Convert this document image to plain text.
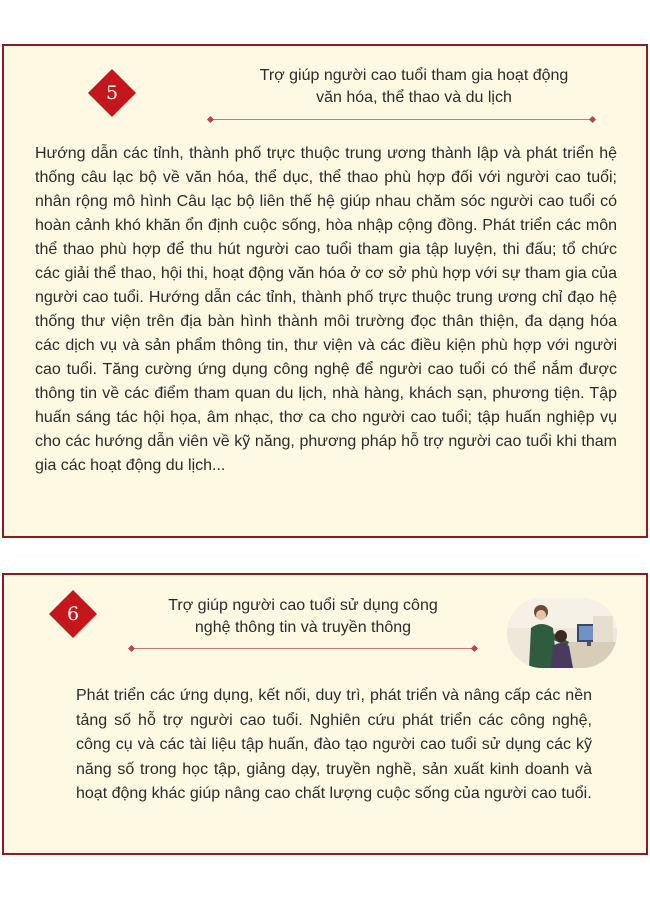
5
Trợ giúp người cao tuổi tham gia hoạt động
văn hóa, thể thao và du lịch
Hướng dẫn các tỉnh, thành phố trực thuộc trung ương thành lập và phát triển hệ thống câu lạc bộ về văn hóa, thể dục, thể thao phù hợp đối với người cao tuổi; nhân rộng mô hình Câu lạc bộ liên thế hệ giúp nhau chăm sóc người cao tuổi có hoàn cảnh khó khăn ổn định cuộc sống, hòa nhập cộng đồng. Phát triển các môn thể thao phù hợp để thu hút người cao tuổi tham gia tập luyện, thi đấu; tổ chức các giải thể thao, hội thi, hoạt động văn hóa ở cơ sở phù hợp với sự tham gia của người cao tuổi. Hướng dẫn các tỉnh, thành phố trực thuộc trung ương chỉ đạo hệ thống thư viện trên địa bàn hình thành môi trường đọc thân thiện, đa dạng hóa các dịch vụ và sản phẩm thông tin, thư viện và các điều kiện phù hợp với người cao tuổi. Tăng cường ứng dụng công nghệ để người cao tuổi có thể nắm được thông tin về các điểm tham quan du lịch, nhà hàng, khách sạn, phương tiện. Tập huấn sáng tác hội họa, âm nhạc, thơ ca cho người cao tuổi; tập huấn nghiệp vụ cho các hướng dẫn viên về kỹ năng, phương pháp hỗ trợ người cao tuổi khi tham gia các hoạt động du lịch...
6	Trợ giúp người cao tuổi sử dụng công
nghệ thông tin và truyền thông
Phát triển các ứng dụng, kết nối, duy trì, phát triển và nâng cấp các nền tảng số hỗ trợ người cao tuổi. Nghiên cứu phát triển các công nghệ, công cụ và các tài liệu tập huấn, đào tạo người cao tuổi sử dụng các kỹ năng số trong học tập, giảng dạy, truyền nghề, sản xuất kinh doanh và hoạt động khác giúp nâng cao chất lượng cuộc sống của người cao tuổi.
